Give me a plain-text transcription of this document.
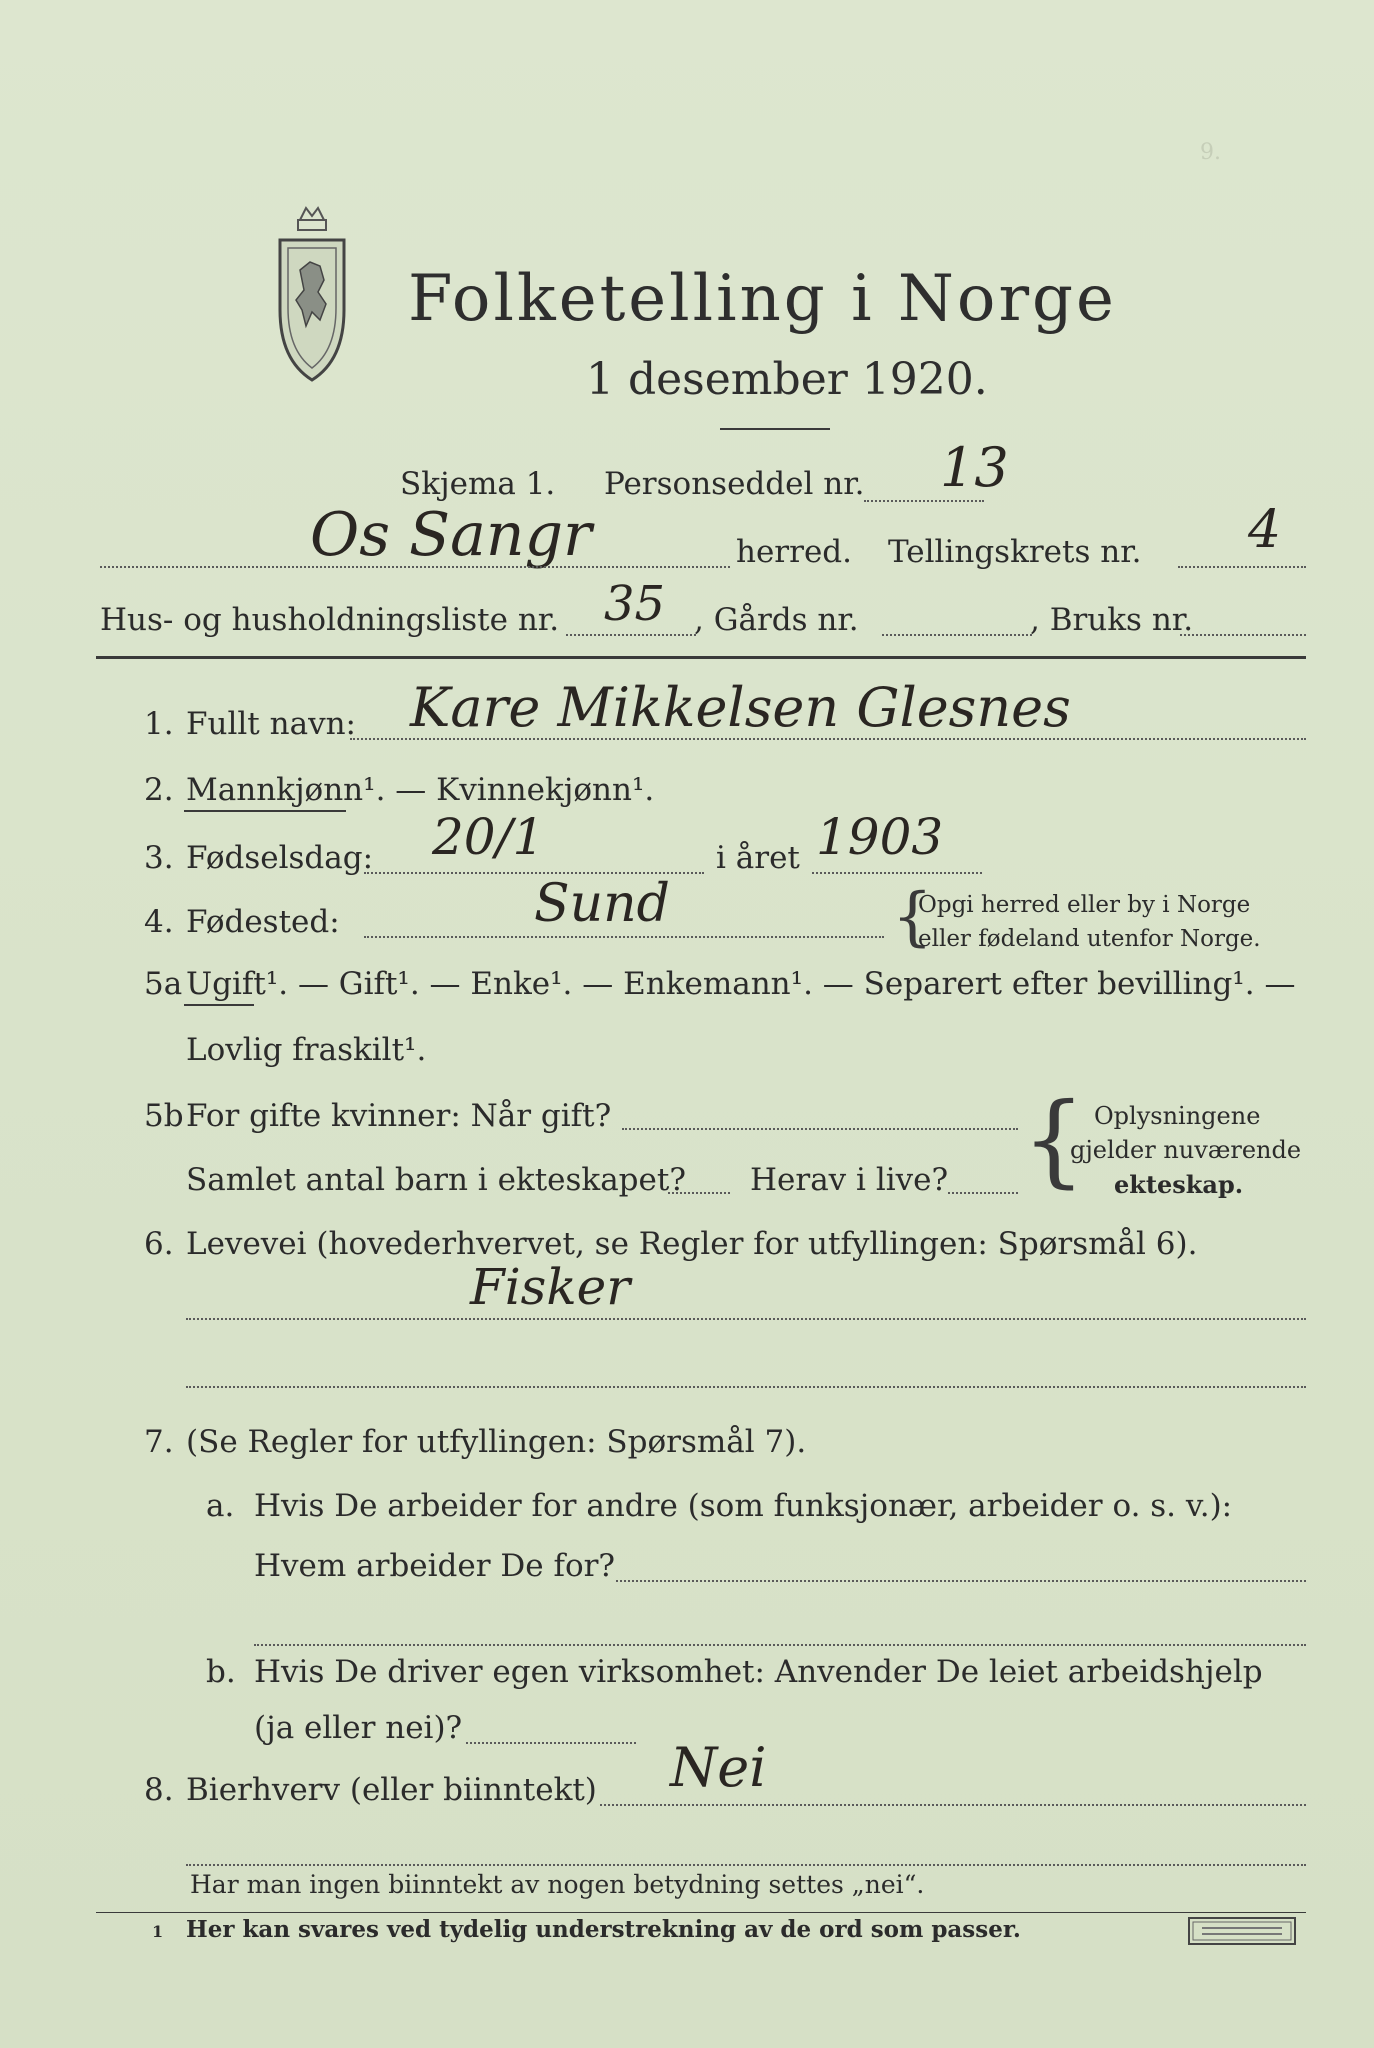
9.
Folketelling i Norge
1 desember 1920.
Skjema 1. Personseddel nr. 13
Os Sangr	herred. Tellingskrets nr. 4
Hus- og husholdningsliste nr. 35 , Gårds nr.	, Bruks nr.
1. Fullt navn: Kare Mikkelsen Glesnes
2. Mannkjønn¹. — Kvinnekjønn¹.
3. Fødselsdag: 20/1	i året 1903
4. Fødested:	Sund	{
Opgi herred eller by i Norge
eller fødeland utenfor Norge.
5a Ugift¹. — Gift¹. — Enke¹. — Enkemann¹. — Separert efter bevilling¹. —
Lovlig fraskilt¹.
5b For gifte kvinner: Når gift?
Samlet antal barn i ekteskapet? Herav i live? { Oplysningene
gjelder nuværende
ekteskap.
6. Levevei (hovederhvervet, se Regler for utfyllingen: Spørsmål 6).
Fisker
7. (Se Regler for utfyllingen: Spørsmål 7).
a. Hvis De arbeider for andre (som funksjonær, arbeider o. s. v.):
Hvem arbeider De for?
b. Hvis De driver egen virksomhet: Anvender De leiet arbeidshjelp
(ja eller nei)?
8. Bierhverv (eller biinntekt) Nei
Har man ingen biinntekt av nogen betydning settes „nei“.
1 Her kan svares ved tydelig understrekning av de ord som passer.
